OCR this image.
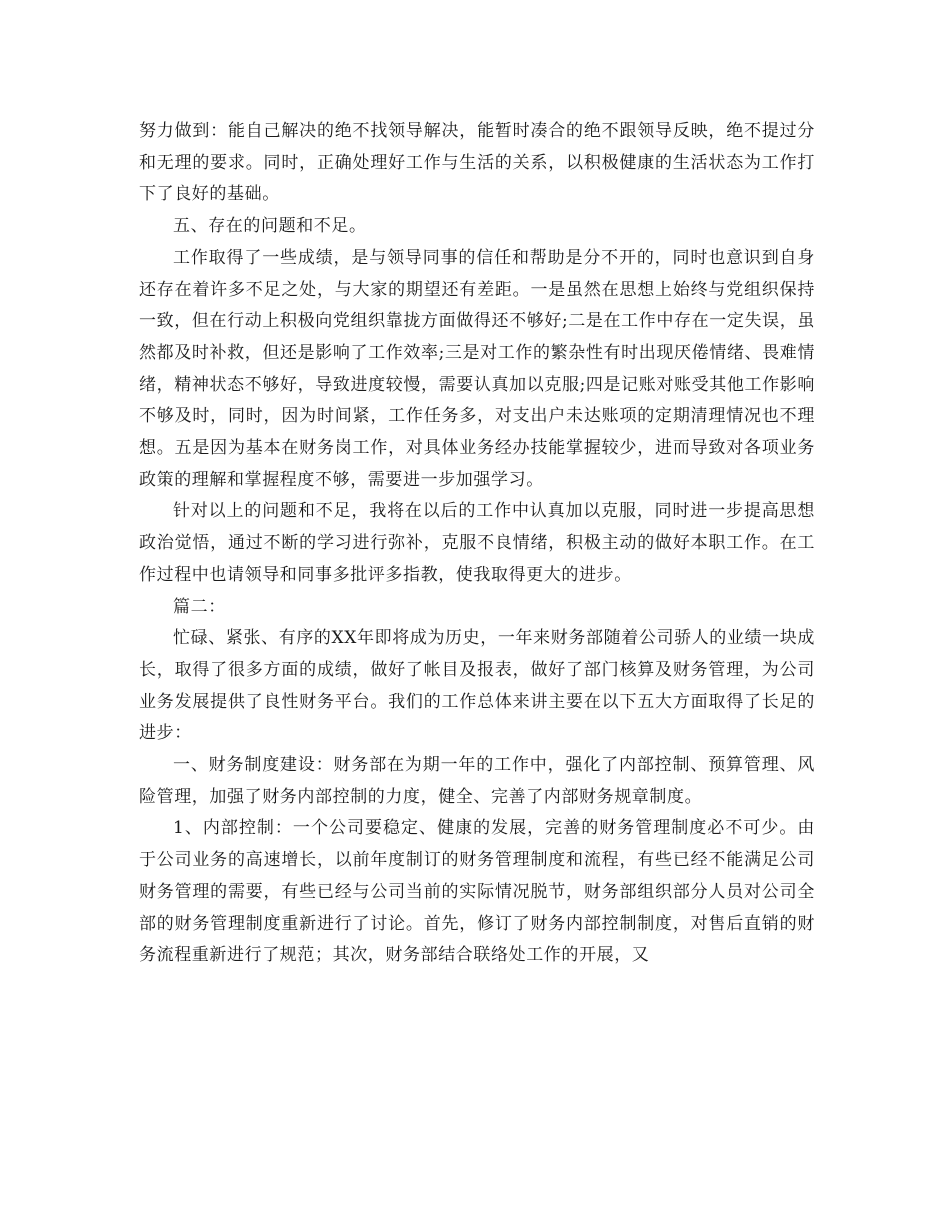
努力做到：能自己解决的绝不找领导解决，能暂时凑合的绝不跟领导反映，绝不提过分和无理的要求。同时，正确处理好工作与生活的关系，以积极健康的生活状态为工作打下了良好的基础。

五、存在的问题和不足。

工作取得了一些成绩，是与领导同事的信任和帮助是分不开的，同时也意识到自身还存在着许多不足之处，与大家的期望还有差距。一是虽然在思想上始终与党组织保持一致，但在行动上积极向党组织靠拢方面做得还不够好;二是在工作中存在一定失误，虽然都及时补救，但还是影响了工作效率;三是对工作的繁杂性有时出现厌倦情绪、畏难情绪，精神状态不够好，导致进度较慢，需要认真加以克服;四是记账对账受其他工作影响不够及时，同时，因为时间紧，工作任务多，对支出户未达账项的定期清理情况也不理想。五是因为基本在财务岗工作，对具体业务经办技能掌握较少，进而导致对各项业务政策的理解和掌握程度不够，需要进一步加强学习。

针对以上的问题和不足，我将在以后的工作中认真加以克服，同时进一步提高思想政治觉悟，通过不断的学习进行弥补，克服不良情绪，积极主动的做好本职工作。在工作过程中也请领导和同事多批评多指教，使我取得更大的进步。

篇二：

忙碌、紧张、有序的XX年即将成为历史，一年来财务部随着公司骄人的业绩一块成长，取得了很多方面的成绩，做好了帐目及报表，做好了部门核算及财务管理，为公司业务发展提供了良性财务平台。我们的工作总体来讲主要在以下五大方面取得了长足的进步：

一、财务制度建设：财务部在为期一年的工作中，强化了内部控制、预算管理、风险管理，加强了财务内部控制的力度，健全、完善了内部财务规章制度。

1、内部控制：一个公司要稳定、健康的发展，完善的财务管理制度必不可少。由于公司业务的高速增长，以前年度制订的财务管理制度和流程，有些已经不能满足公司财务管理的需要，有些已经与公司当前的实际情况脱节，财务部组织部分人员对公司全部的财务管理制度重新进行了讨论。首先，修订了财务内部控制制度，对售后直销的财务流程重新进行了规范；其次，财务部结合联络处工作的开展，又
